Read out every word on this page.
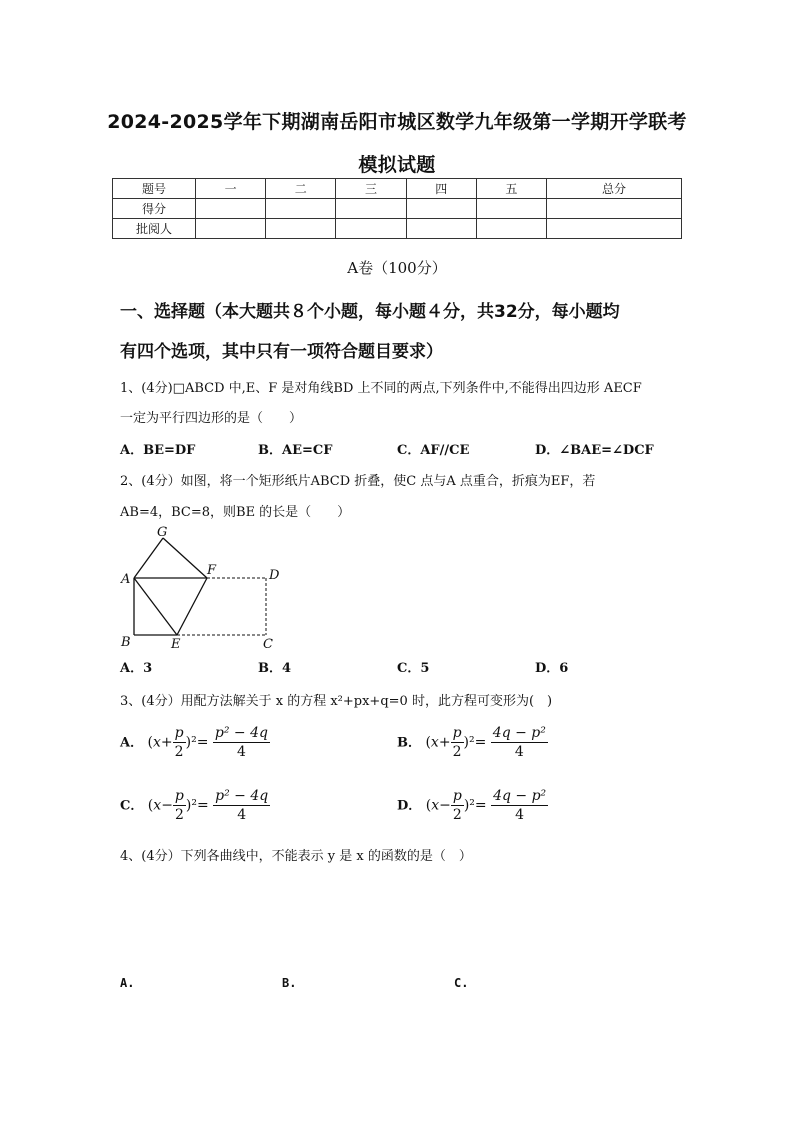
2024-2025学年下期湖南岳阳市城区数学九年级第一学期开学联考
模拟试题
题号	一	二	三	四	五	总分
得分						
批阅人						
A卷（100分）
一、选择题（本大题共８个小题，每小题４分，共32分，每小题均
有四个选项，其中只有一项符合题目要求）
1、(4分)□ABCD 中,E、F 是对角线BD 上不同的两点,下列条件中,不能得出四边形 AECF
一定为平行四边形的是（　　）
A．BE=DF	B．AE=CF	C．AF//CE	D．∠BAE=∠DCF
2、(4分）如图，将一个矩形纸片ABCD 折叠，使C 点与A 点重合，折痕为EF，若
AB=4，BC=8，则BE 的长是（　　）
G
A
F	D
B	E	C
A．3	B．4	C．5	D．6
3、(4分）用配方法解关于 x 的方程 x²+px+q=0 时，此方程可变形为(　)
A． $(x+ \frac{p}{2} )^2= \frac{\text{p² − 4q}}{4}$	B． $(x+ \frac{p}{2} )^2= \frac{\text{4q − p²}}{4}$
C． $(x- \frac{p}{2} )^2= \frac{\text{p² − 4q}}{4}$	D． $(x- \frac{p}{2} )^2= \frac{\text{4q − p²}}{4}$
4、(4分）下列各曲线中，不能表示 y 是 x 的函数的是（　）
A.	B.	C.
